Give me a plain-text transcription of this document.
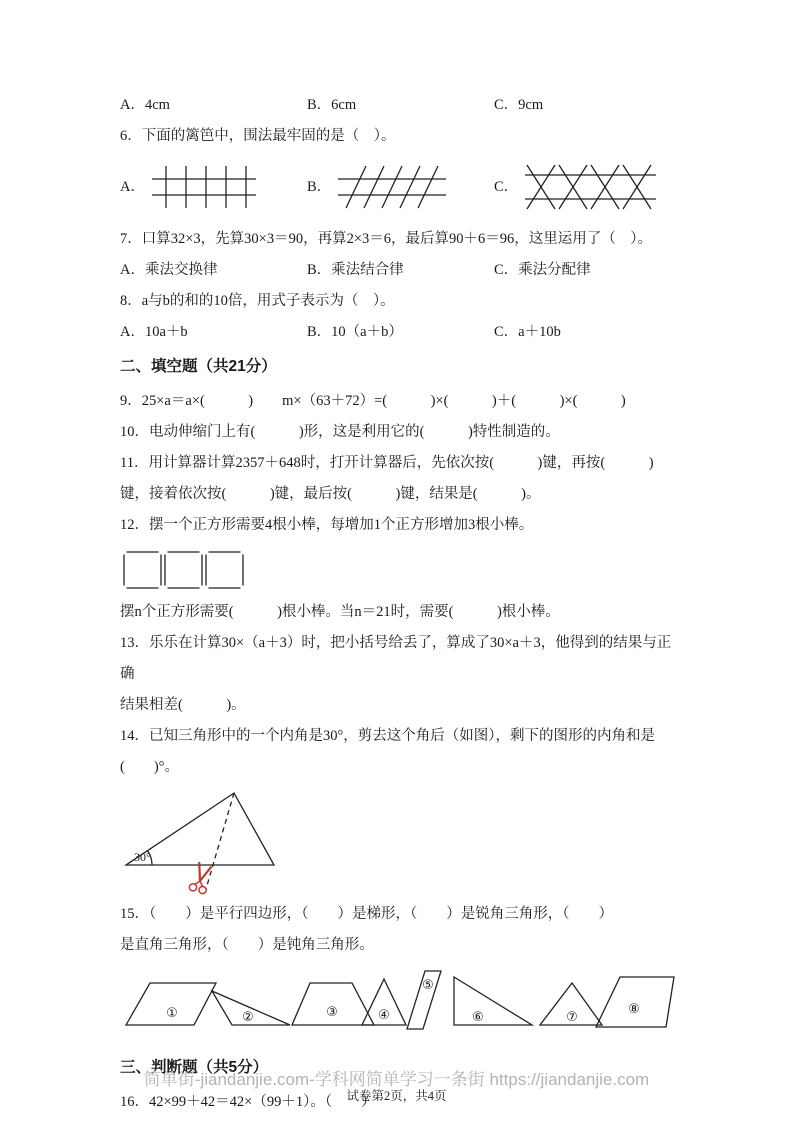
A．4cm	B．6cm	C．9cm
6．下面的篱笆中，围法最牢固的是（　）。
A．	B．	C．
7．口算32×3，先算30×3＝90，再算2×3＝6，最后算90＋6＝96，这里运用了（　）。
A．乘法交换律	B．乘法结合律	C．乘法分配律
8．a与b的和的10倍，用式子表示为（　）。
A．10a＋b	B．10（a＋b）	C．a＋10b
二、填空题（共21分）
9．25×a＝a×(　　　)　　m×（63＋72）=(　　　)×(　　　)＋(　　　)×(　　　)
10．电动伸缩门上有(　　　)形，这是利用它的(　　　)特性制造的。
11．用计算器计算2357＋648时，打开计算器后，先依次按(　　　)键，再按(　　　)
键，接着依次按(　　　)键，最后按(　　　)键，结果是(　　　)。
12．摆一个正方形需要4根小棒，每增加1个正方形增加3根小棒。
摆n个正方形需要(　　　)根小棒。当n＝21时，需要(　　　)根小棒。
13．乐乐在计算30×（a＋3）时，把小括号给丢了，算成了30×a＋3，他得到的结果与正确
结果相差(　　　)。
14．已知三角形中的一个内角是30°，剪去这个角后（如图），剩下的图形的内角和是(　　)°。
30°
15．（　　）是平行四边形，（　　）是梯形，（　　）是锐角三角形，（　　）
是直角三角形，（　　）是钝角三角形。
①	②	③	④
⑤
⑥	⑦
⑧
三、判断题（共5分）
16．42×99＋42＝42×（99＋1）。（　　）
简单街-jiandanjie.com-学科网简单学习一条街 https://jiandanjie.com
试卷第2页，共4页
